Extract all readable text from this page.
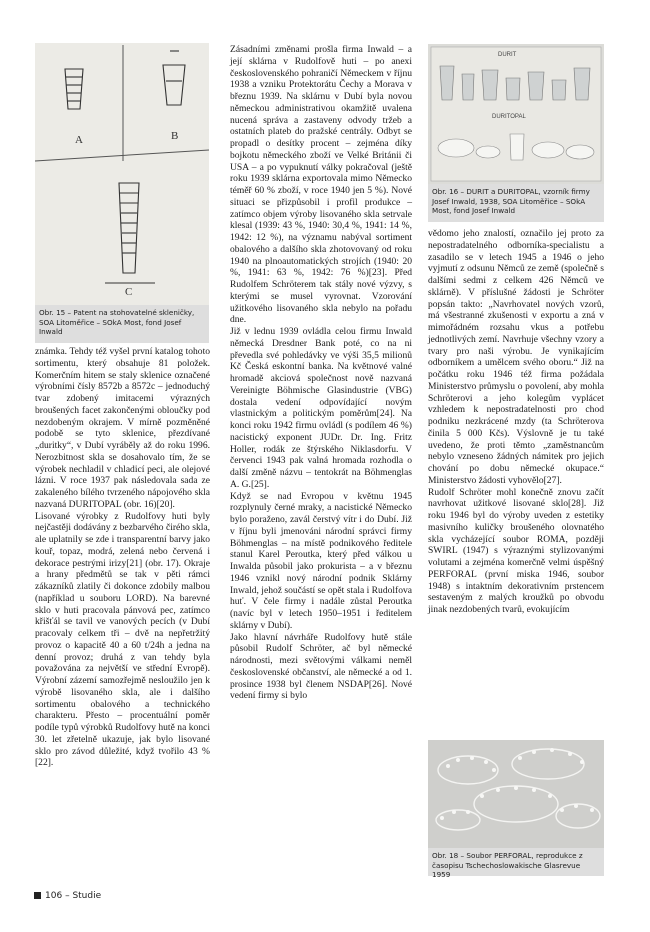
A	B
C
Obr. 15 – Patent na stohovatelné skleničky, SOA Litoměřice – SOkA Most, fond Josef Inwald

známka. Tehdy též vyšel první katalog tohoto sortimentu, který obsahuje 81 položek. Komerčním hitem se staly sklenice označené výrobními čísly 8572b a 8572c – jednoduchý tvar zdobený imitacemi výrazných broušených facet zakončenými obloučky pod nezdobeným okrajem. V mírně pozměněné podobě se tyto sklenice, přezdívané „duritky“, v Dubí vyráběly až do roku 1996. Nerozbitnost skla se dosahovalo tím, že se výrobek nechladil v chladicí peci, ale olejové lázni. V roce 1937 pak následovala sada ze zakaleného bílého tvrzeného nápojového skla nazvaná DURITOPAL (obr. 16)[20].

Lisované výrobky z Rudolfovy huti byly nejčastěji dodávány z bezbarvého čirého skla, ale uplatnily se zde i transparentní barvy jako kouř, topaz, modrá, zelená nebo červená i dekorace pestrými irizy[21] (obr. 17). Okraje a hrany předmětů se tak v pěti rámci zákazníků zlatily či dokonce zdobily malbou (například u souboru LORD). Na barevné sklo v huti pracovala pánvová pec, zatímco křišťál se tavil ve vanových pecích (v Dubí pracovaly celkem tři – dvě na nepřetržitý provoz o kapacitě 40 a 60 t/24h a jedna na denní provoz; druhá z van tehdy byla považována za největší ve střední Evropě). Výrobní zázemí samozřejmě nesloužilo jen k výrobě lisovaného skla, ale i dalšího sortimentu obalového a technického charakteru. Přesto – procentuální poměr podíle typů výrobků Rudolfovy hutě na konci 30. let zřetelně ukazuje, jak bylo lisované sklo pro závod důležité, když tvořilo 43 %[22].

Zásadními změnami prošla firma Inwald – a její sklárna v Rudolfově huti – po anexi československého pohraničí Německem v říjnu 1938 a vzniku Protektorátu Čechy a Morava v březnu 1939. Na sklárnu v Dubí byla novou německou administrativou okamžitě uvalena nucená správa a zastaveny odvody tržeb a ostatních plateb do pražské centrály. Odbyt se propadl o desítky procent – zejména díky bojkotu německého zboží ve Velké Británii či USA – a po vypuknutí války pokračoval (ještě roku 1939 sklárna exportovala mimo Německo téměř 60 % zboží, v roce 1940 jen 5 %). Nové situaci se přizpůsobil i profil produkce – zatímco objem výroby lisovaného skla setrvale klesal (1939: 43 %, 1940: 30,4 %, 1941: 14 %, 1942: 12 %), na významu nabýval sortiment obalového a dalšího skla zhotovovaný od roku 1940 na plnoautomatických strojích (1940: 20 %, 1941: 63 %, 1942: 76 %)[23]. Před Rudolfem Schröterem tak stály nové výzvy, s kterými se musel vyrovnat. Vzorování užitkového lisovaného skla nebylo na pořadu dne.

Již v lednu 1939 ovládla celou firmu Inwald německá Dresdner Bank poté, co na ni převedla své pohledávky ve výši 35,5 milionů Kč Česká eskontní banka. Na květnové valné hromadě akciová společnost nově nazvaná Vereinigte Böhmische Glasindustrie (VBG) dostala vedení odpovídající novým vlastnickým a politickým poměrům[24]. Na konci roku 1942 firmu ovládl (s podílem 46 %) nacistický exponent JUDr. Dr. Ing. Fritz Holler, rodák ze štýrského Niklasdorfu. V červenci 1943 pak valná hromada rozhodla o další změně názvu – tentokrát na Böhmenglas A. G.[25].

Když se nad Evropou v květnu 1945 rozplynuly černé mraky, a nacistické Německo bylo poraženo, zavál čerstvý vítr i do Dubí. Již v říjnu byli jmenováni národní správci firmy Böhmenglas – na místě podnikového ředitele stanul Karel Peroutka, který před válkou u Inwalda působil jako prokurista – a v březnu 1946 vznikl nový národní podnik Sklárny Inwald, jehož součástí se opět stala i Rudolfova huť. V čele firmy i nadále zůstal Peroutka (navíc byl v letech 1950–1951 i ředitelem sklárny v Dubí).

Jako hlavní návrháře Rudolfovy hutě stále působil Rudolf Schröter, ač byl německé národnosti, mezi světovými válkami neměl československé občanství, ale německé a od 1. prosince 1938 byl členem NSDAP[26]. Nové vedení firmy si bylo

DURIT
DURITOPAL
Obr. 16 – DURIT a DURITOPAL, vzorník firmy Josef Inwald, 1938, SOA Litoměřice – SOkA Most, fond Josef Inwald

vědomo jeho znalostí, označilo jej proto za nepostradatelného odborníka-specialistu a zasadilo se v letech 1945 a 1946 o jeho vyjmutí z odsunu Němců ze země (společně s dalšími sedmi z celkem 426 Němců ve sklárně). V příslušné žádosti je Schröter popsán takto: „Navrhovatel nových vzorů, má všestranné zkušenosti v exportu a zná v mimořádném rozsahu vkus a potřebu jednotlivých zemí. Navrhuje všechny vzory a tvary pro naši výrobu. Je vynikajícím odborníkem a umělcem svého oboru.“ Již na počátku roku 1946 též firma požádala Ministerstvo průmyslu o povolení, aby mohla Schröterovi a jeho kolegům vyplácet vzhledem k nepostradatelnosti pro chod podniku nezkrácené mzdy (ta Schröterova činila 5 000 Kčs). Výslovně je tu také uvedeno, že proti těmto „zaměstnancům nebylo vzneseno žádných námitek pro jejich chování po dobu německé okupace.“ Ministerstvo žádosti vyhovělo[27].

Rudolf Schröter mohl konečně znovu začít navrhovat užitkové lisované sklo[28]. Již roku 1946 byl do výroby uveden z estetiky masivního kuličky broušeného olovnatého skla vycházející soubor ROMA, později SWIRL (1947) s výraznými stylizovanými volutami a zejména komerčně velmi úspěšný PERFORAL (první miska 1946, soubor 1948) s intaktním dekorativním prstencem sestaveným z malých kroužků po obvodu jinak nezdobených tvarů, evokujícím

Obr. 18 – Soubor PERFORAL, reprodukce z časopisu Tschechoslowakische Glasrevue 1959
106 – Studie
